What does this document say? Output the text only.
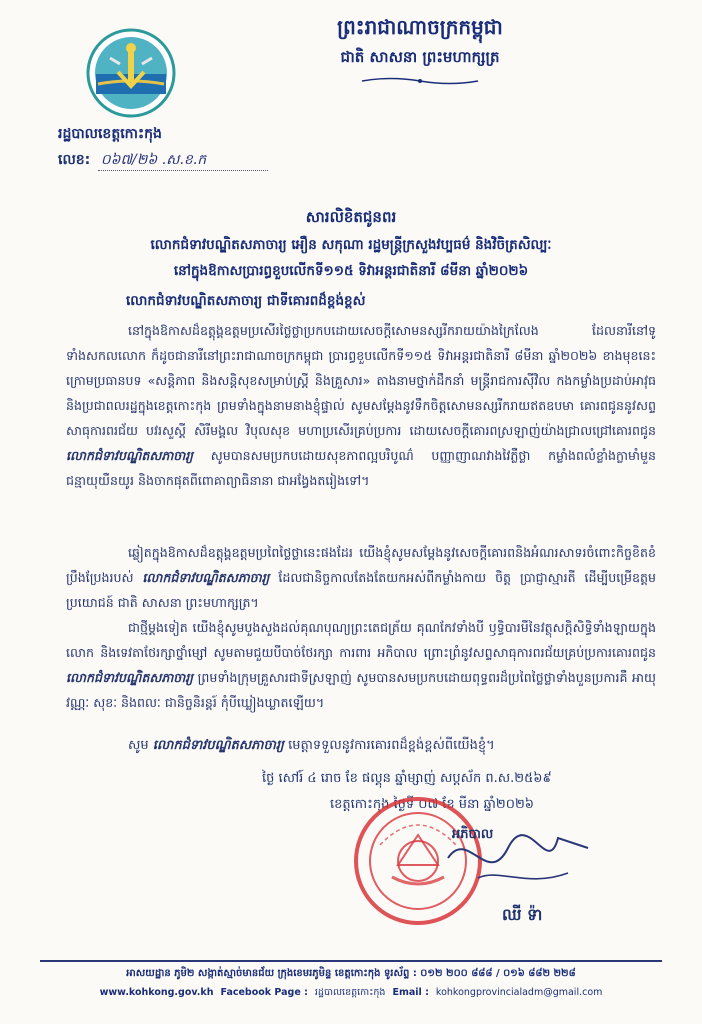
ព្រះរាជាណាចក្រកម្ពុជា
ជាតិ សាសនា ព្រះមហាក្សត្រ
រដ្ឋបាលខេត្តកោះកុង
លេខ: ០៦៧/២៦ .ស.ខ.ក
សារលិខិតជូនពរ
លោកជំទាវបណ្ឌិតសភាចារ្យ អឿន សកុណា រដ្ឋមន្ត្រីក្រសួងវប្បធម៌ និងវិចិត្រសិល្បៈ
នៅក្នុងឱកាសប្រារព្ធខួបលើកទី១១៥ ទិវាអន្តរជាតិនារី ៨មីនា ឆ្នាំ២០២៦
លោកជំទាវបណ្ឌិតសភាចារ្យ ជាទីគោរពដ៏ខ្ពង់ខ្ពស់
នៅក្នុងឱកាសដ៏ឧត្តុង្គឧត្តមប្រសើរថ្លៃថ្លាប្រកបដោយសេចក្តីសោមនស្សរីករាយយ៉ាងក្រៃលែង ដែលនារីនៅទូទាំងសកលលោក ក៏ដូចជានារីនៅព្រះរាជាណាចក្រកម្ពុជា ប្រារព្ធខួបលើកទី១១៥ ទិវាអន្តរជាតិនារី ៨មីនា ឆ្នាំ២០២៦ ខាងមុខនេះ ក្រោមប្រធានបទ «សន្តិភាព និងសន្តិសុខសម្រាប់ស្ត្រី និងគ្រួសារ» តាងនាមថ្នាក់ដឹកនាំ មន្ត្រីរាជការស៊ីវិល កងកម្លាំងប្រដាប់អាវុធ និងប្រជាពលរដ្ឋក្នុងខេត្តកោះកុង ព្រមទាំងក្នុងនាមនាងខ្ញុំផ្ទាល់ សូមសម្តែងនូវទឹកចិត្តសោមនស្សរីករាយឥតឧបមា គោរពជូននូវសព្ទសាធុការពរជ័យ បវរសួស្តី សិរីមង្គល វិបុលសុខ មហាប្រសើរគ្រប់ប្រការ ដោយសេចក្តីគោរពស្រឡាញ់យ៉ាងជ្រាលជ្រៅគោរពជូន លោកជំទាវបណ្ឌិតសភាចារ្យ សូមបានសមប្រកបដោយសុខភាពល្អបរិបូណ៌ បញ្ញាញាណវាងវៃភ្លឺថ្លា កម្លាំងពលំខ្លាំងក្លាមាំមួន ជន្មាយុយឺនយូរ និងចាកផុតពីពោគាព្យាធិនានា ជាអង្វែងតរៀងទៅ។
ឆ្លៀតក្នុងឱកាសដ៏ឧត្តុង្គឧត្តមប្រពៃថ្លៃថ្លានេះផងដែរ យើងខ្ញុំសូមសម្តែងនូវសេចក្តីគោរពនិងអំណរសាទរចំពោះកិច្ចខិតខំប្រឹងប្រែងរបស់ លោកជំទាវបណ្ឌិតសភាចារ្យ ដែលជានិច្ចកាលតែងតែយកអស់ពីកម្លាំងកាយ ចិត្ត ប្រាជ្ញាស្មារតី ដើម្បីបម្រើឧត្តមប្រយោជន៍ ជាតិ សាសនា ព្រះមហាក្សត្រ។
ជាថ្មីម្តងទៀត យើងខ្ញុំសូមបួងសួងដល់គុណបុណ្យព្រះតេជត្រ័យ គុណកែវទាំងបី ឫទ្ធិបារមីនៃវត្ថុសក្តិសិទ្ធិទាំងឡាយក្នុងលោក និងទេវតាថែរក្សាថ្នាំម្សៅ សូមតាមជួយបីបាច់ថែរក្សា ការពារ អភិបាល ព្រោះព្រំនូវសព្ទសាធុការពរជ័យគ្រប់ប្រការគោរពជូន លោកជំទាវបណ្ឌិតសភាចារ្យ ព្រមទាំងក្រុមគ្រួសារជាទីស្រឡាញ់ សូមបានសមប្រកបដោយពុទ្ធពរដ៏ប្រពៃថ្លៃថ្លាទាំងបួនប្រការគឺ អាយុ វណ្ណៈ សុខៈ និងពលៈ ជានិច្ចនិរន្តរ៍ កុំបីឃ្លៀងឃ្លាតឡើយ។
សូម លោកជំទាវបណ្ឌិតសភាចារ្យ មេត្តាទទួលនូវការគោរពដ៏ខ្ពង់ខ្ពស់ពីយើងខ្ញុំ។
ថ្ងៃ សៅរ៍ ៤ រោច ខែ ផល្គុន ឆ្នាំម្សាញ់ សប្តស័ក ព.ស.២៥៦៩
ខេត្តកោះកុង ថ្ងៃទី ០៧ ខែ មីនា ឆ្នាំ២០២៦
អភិបាល
ឈី ទ៉ា
អាសយដ្ឋាន ភូមិ២ សង្កាត់ស្មាច់មានជ័យ ក្រុងខេមរភូមិន្ទ ខេត្តកោះកុង ទូរស័ព្ទ : ០១២ ២០០ ៨៨៨ / ០១៦ ៨៨២ ២២៨
www.kohkong.gov.kh Facebook Page : រដ្ឋបាលខេត្តកោះកុង Email : kohkongprovincialadm@gmail.com
